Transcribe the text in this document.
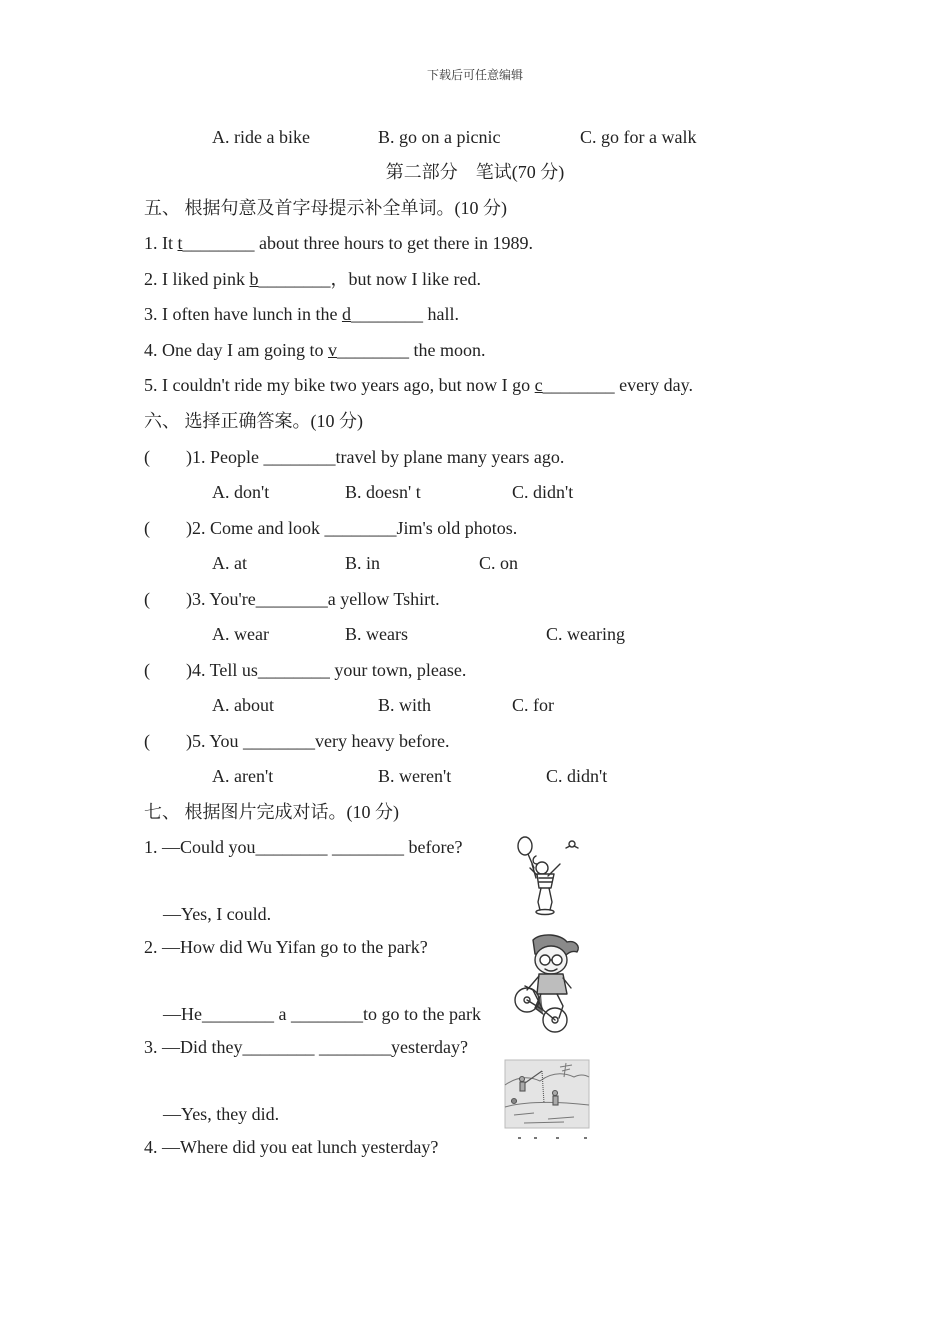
下载后可任意编辑
A. ride a bike	B. go on a picnic	C. go for a walk
第二部分　笔试(70 分)
五、 根据句意及首字母提示补全单词。(10 分)
1. It t________ about three hours to get there in 1989.
2. I liked pink b________，but now I like red.
3. I often have lunch in the d________ hall.
4. One day I am going to v________ the moon.
5. I couldn't ride my bike two years ago, but now I go c________ every day.
六、 选择正确答案。(10 分)
(　　)1. People ________travel by plane many years ago.
A. don't	B. doesn' t	C. didn't
(　　)2. Come and look ________Jim's old photos.
A. at	B. in	C. on
(　　)3. You're________a yellow Tshirt.
A. wear	B. wears	C. wearing
(　　)4. Tell us________ your town, please.
A. about	B. with	C. for
(　　)5. You ________very heavy before.
A. aren't	B. weren't	C. didn't
七、 根据图片完成对话。(10 分)
1. —Could you________ ________ before?
—Yes, I could.
2. —How did Wu Yifan go to the park?
—He________ a ________to go to the park
3. —Did they________ ________yesterday?
—Yes, they did.
4. —Where did you eat lunch yesterday?
